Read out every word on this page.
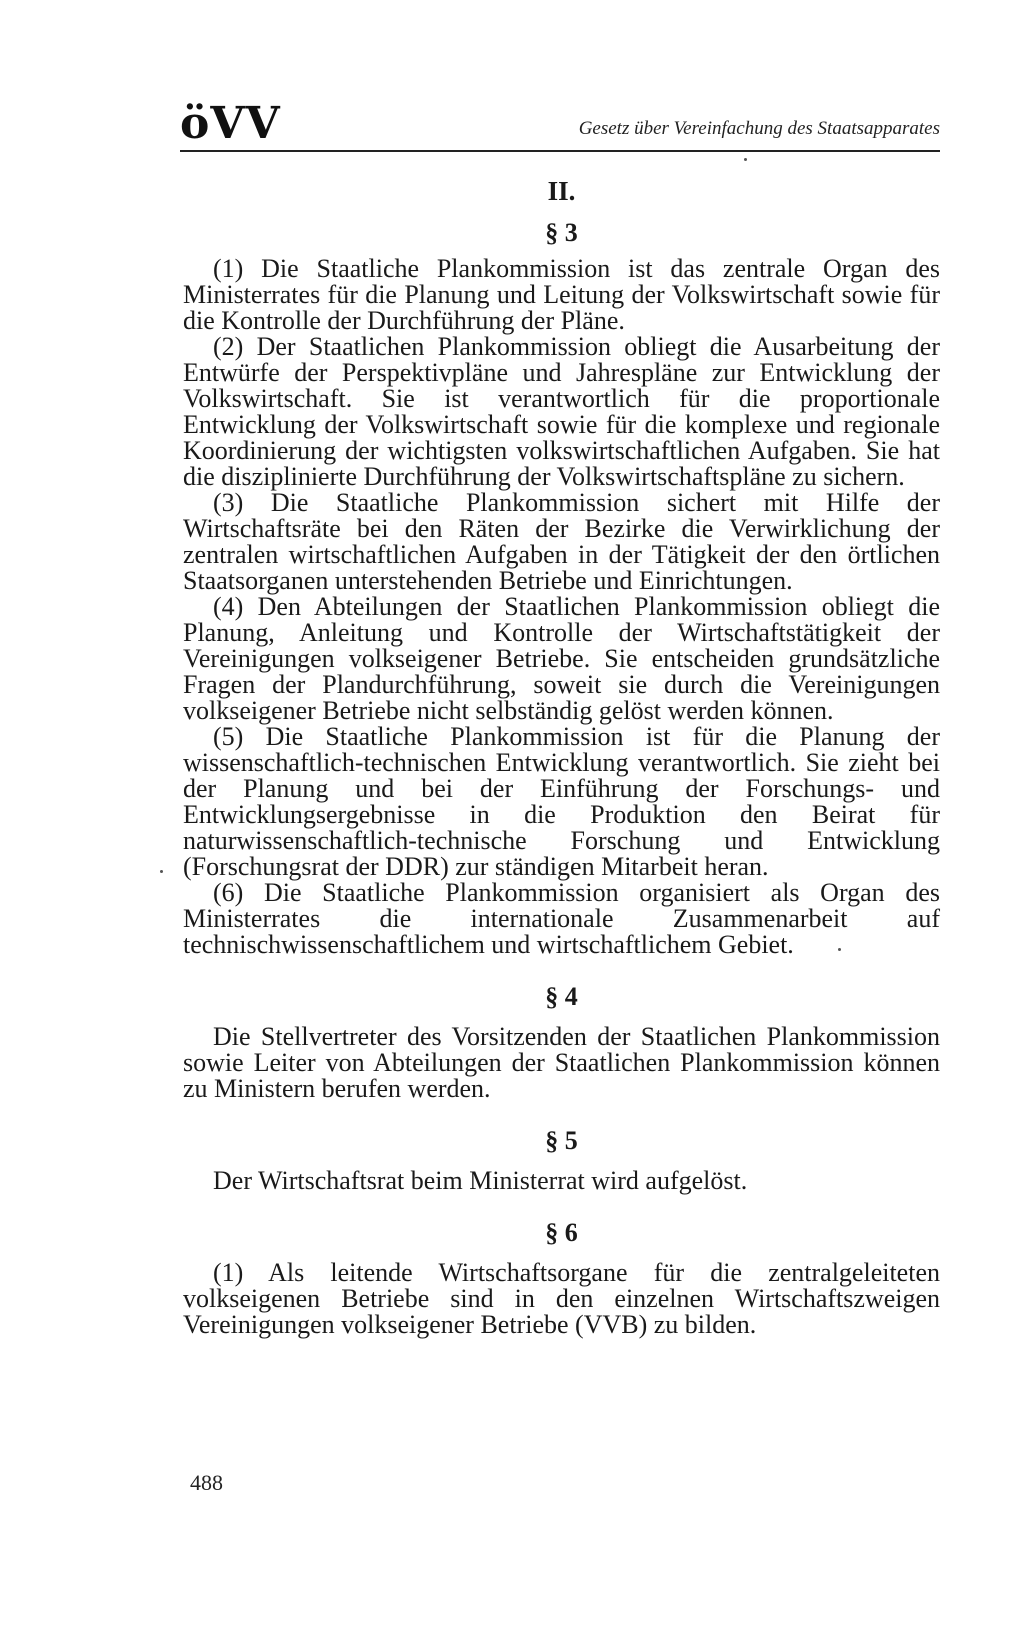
öVV	Gesetz über Vereinfachung des Staatsapparates
II.
§ 3

(1) Die Staatliche Plankommission ist das zentrale Organ des Ministerrates für die Planung und Leitung der Volkswirtschaft sowie für die Kontrolle der Durchführung der Pläne.

(2) Der Staatlichen Plankommission obliegt die Ausarbeitung der Entwürfe der Perspektivpläne und Jahrespläne zur Entwicklung der Volkswirtschaft. Sie ist verantwortlich für die proportionale Entwicklung der Volkswirtschaft sowie für die komplexe und regionale Koordinierung der wichtigsten volkswirtschaftlichen Aufgaben. Sie hat die disziplinierte Durchführung der Volkswirtschaftspläne zu sichern.

(3) Die Staatliche Plankommission sichert mit Hilfe der Wirtschaftsräte bei den Räten der Bezirke die Verwirklichung der zentralen wirtschaftlichen Aufgaben in der Tätigkeit der den örtlichen Staatsorganen unterstehenden Betriebe und Einrichtungen.

(4) Den Abteilungen der Staatlichen Plankommission obliegt die Planung, Anleitung und Kontrolle der Wirtschaftstätigkeit der Vereinigungen volkseigener Betriebe. Sie entscheiden grundsätzliche Fragen der Plandurchführung, soweit sie durch die Vereinigungen volkseigener Betriebe nicht selbständig gelöst werden können.

(5) Die Staatliche Plankommission ist für die Planung der wissenschaftlich-technischen Entwicklung verantwortlich. Sie zieht bei der Planung und bei der Einführung der Forschungs- und Entwicklungsergebnisse in die Produktion den Beirat für naturwissenschaftlich-technische Forschung und Entwicklung (Forschungsrat der DDR) zur ständigen Mitarbeit heran.

(6) Die Staatliche Plankommission organisiert als Organ des Ministerrates die internationale Zusammenarbeit auf technischwissenschaftlichem und wirtschaftlichem Gebiet.

§ 4

Die Stellvertreter des Vorsitzenden der Staatlichen Plankommission sowie Leiter von Abteilungen der Staatlichen Plankommission können zu Ministern berufen werden.

§ 5

Der Wirtschaftsrat beim Ministerrat wird aufgelöst.

§ 6

(1) Als leitende Wirtschaftsorgane für die zentralgeleiteten volkseigenen Betriebe sind in den einzelnen Wirtschaftszweigen Vereinigungen volkseigener Betriebe (VVB) zu bilden.

488
